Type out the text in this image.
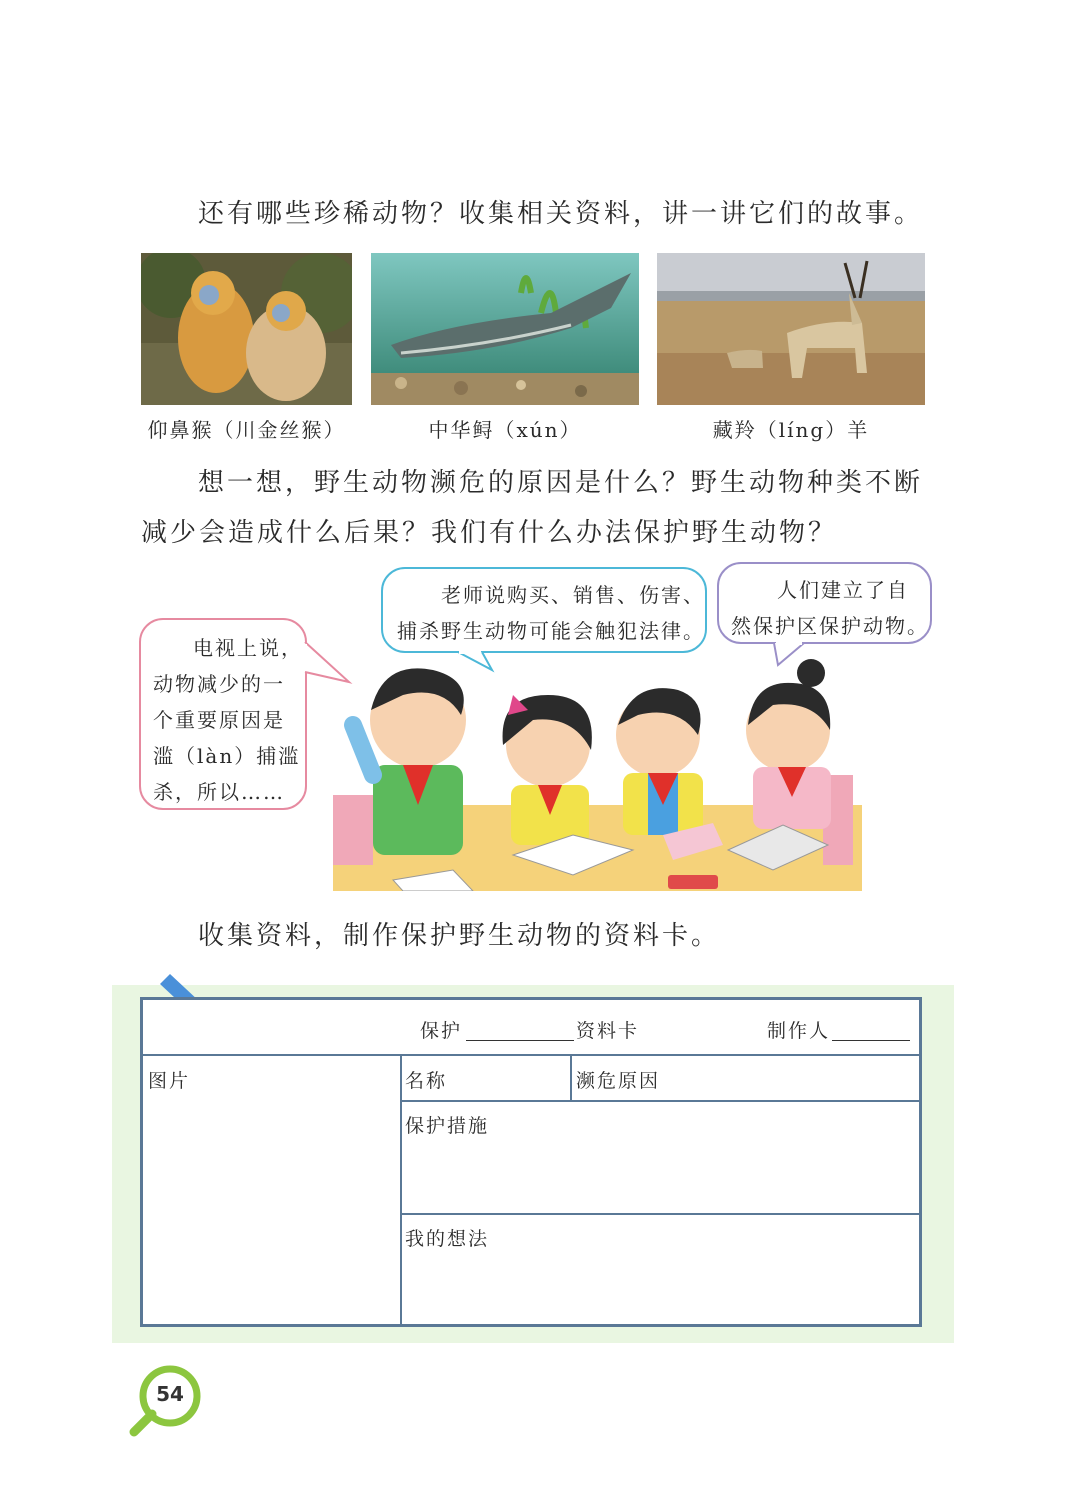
还有哪些珍稀动物？收集相关资料，讲一讲它们的故事。
仰鼻猴（川金丝猴）	中华鲟（xún）	藏羚（líng）羊
想一想，野生动物濒危的原因是什么？野生动物种类不断
减少会造成什么后果？我们有什么办法保护野生动物？
电视上说，
动物减少的一
个重要原因是
滥（làn）捕滥
杀，所以……
老师说购买、销售、伤害、
捕杀野生动物可能会触犯法律。
人们建立了自
然保护区保护动物。
收集资料，制作保护野生动物的资料卡。
保护	资料卡	制作人
图片	名称	濒危原因
保护措施
我的想法
54
